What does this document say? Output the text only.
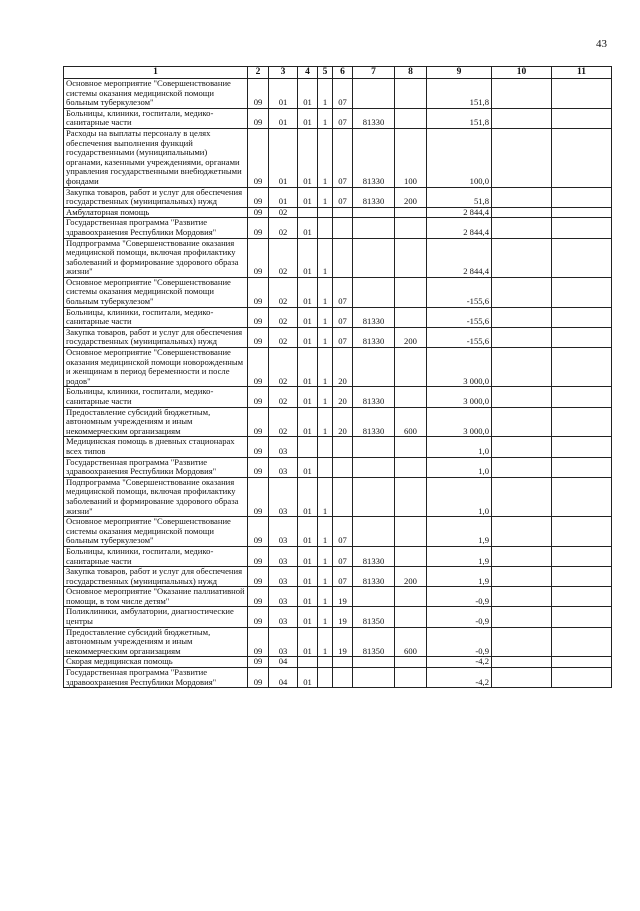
43
1	2	3	4	5	6	7	8	9	10	11
Основное мероприятие "Совершенствование системы оказания медицинской помощи больным туберкулезом"	09	01	01	1	07			151,8		
Больницы, клиники, госпитали, медико-санитарные части	09	01	01	1	07	81330		151,8		
Расходы на выплаты персоналу в целях обеспечения выполнения функций государственными (муниципальными) органами, казенными учреждениями, органами управления государственными внебюджетными фондами	09	01	01	1	07	81330	100	100,0		
Закупка товаров, работ и услуг для обеспечения государственных (муниципальных) нужд	09	01	01	1	07	81330	200	51,8		
Амбулаторная помощь	09	02						2 844,4		
Государственная программа "Развитие здравоохранения Республики Мордовия"	09	02	01					2 844,4		
Подпрограмма "Совершенствование оказания медицинской помощи, включая профилактику заболеваний и формирование здорового образа жизни"	09	02	01	1				2 844,4		
Основное мероприятие "Совершенствование системы оказания медицинской помощи больным туберкулезом"	09	02	01	1	07			-155,6		
Больницы, клиники, госпитали, медико-санитарные части	09	02	01	1	07	81330		-155,6		
Закупка товаров, работ и услуг для обеспечения государственных (муниципальных) нужд	09	02	01	1	07	81330	200	-155,6		
Основное мероприятие "Совершенствование оказания медицинской помощи новорожденным и женщинам в период беременности и после родов"	09	02	01	1	20			3 000,0		
Больницы, клиники, госпитали, медико-санитарные части	09	02	01	1	20	81330		3 000,0		
Предоставление субсидий бюджетным, автономным учреждениям и иным некоммерческим организациям	09	02	01	1	20	81330	600	3 000,0		
Медицинская помощь в дневных стационарах всех типов	09	03						1,0		
Государственная программа "Развитие здравоохранения Республики Мордовия"	09	03	01					1,0		
Подпрограмма "Совершенствование оказания медицинской помощи, включая профилактику заболеваний и формирование здорового образа жизни"	09	03	01	1				1,0		
Основное мероприятие "Совершенствование системы оказания медицинской помощи больным туберкулезом"	09	03	01	1	07			1,9		
Больницы, клиники, госпитали, медико-санитарные части	09	03	01	1	07	81330		1,9		
Закупка товаров, работ и услуг для обеспечения государственных (муниципальных) нужд	09	03	01	1	07	81330	200	1,9		
Основное мероприятие "Оказание паллиативной помощи, в том числе детям"	09	03	01	1	19			-0,9		
Поликлиники, амбулатории, диагностические центры	09	03	01	1	19	81350		-0,9		
Предоставление субсидий бюджетным, автономным учреждениям и иным некоммерческим организациям	09	03	01	1	19	81350	600	-0,9		
Скорая медицинская помощь	09	04						-4,2		
Государственная программа "Развитие здравоохранения Республики Мордовия"	09	04	01					-4,2		
